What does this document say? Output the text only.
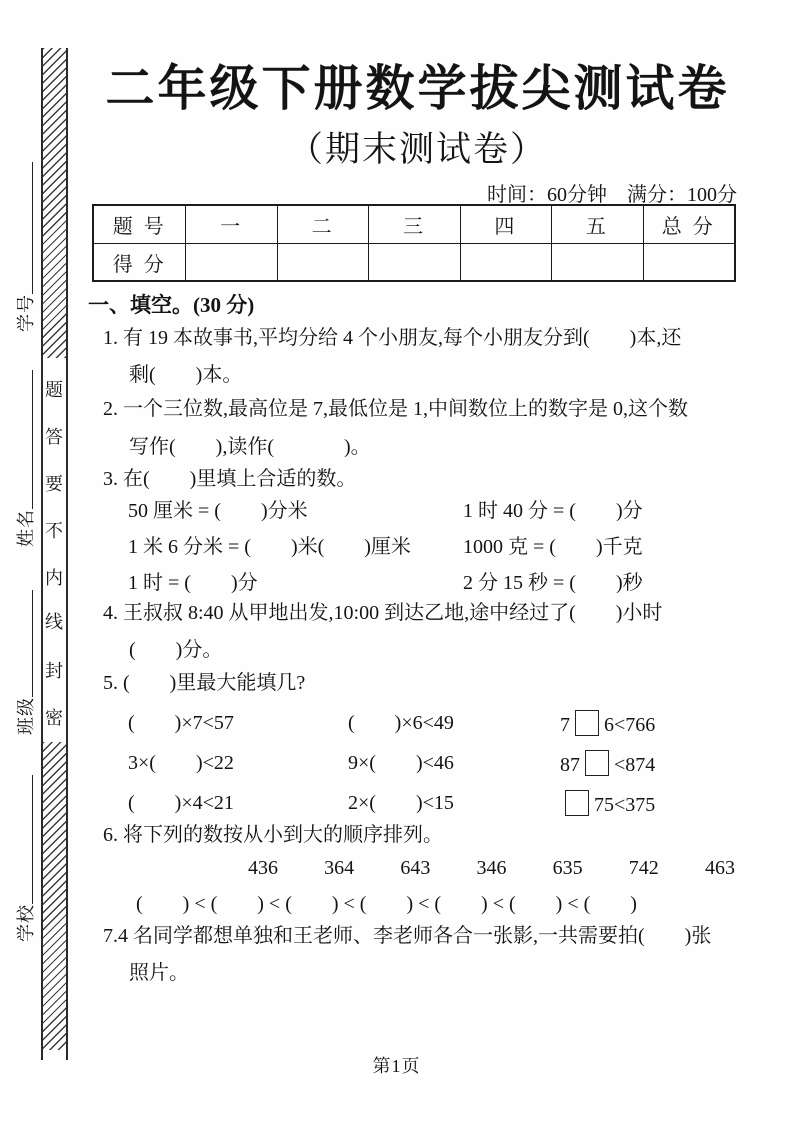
题
答
要
不
内
线
封
密
学号
姓名
班级
学校
二年级下册数学拔尖测试卷
（期末测试卷）
时间：60分钟　满分：100分
题 号	一	二	三	四	五	总 分
得 分
一、填空。(30 分)
1. 有 19 本故事书,平均分给 4 个小朋友,每个小朋友分到(        )本,还
剩(        )本。
2. 一个三位数,最高位是 7,最低位是 1,中间数位上的数字是 0,这个数
写作(        ),读作(              )。
3. 在(        )里填上合适的数。
50 厘米 = (        )分米	1 时 40 分 = (        )分
1 米 6 分米 = (        )米(        )厘米	1000 克 = (        )千克
1 时 = (        )分	2 分 15 秒 = (        )秒
4. 王叔叔 8:40 从甲地出发,10:00 到达乙地,途中经过了(        )小时
(        )分。
5. (        )里最大能填几?
(        )×7<57	(        )×6<49	7 6<766
3×(        )<22	9×(        )<46	87 <874
(        )×4<21	2×(        )<15	75<375
6. 将下列的数按从小到大的顺序排列。
436 364 643 346 635 742 463
(        ) < (        ) < (        ) < (        ) < (        ) < (        ) < (        )
7.4 名同学都想单独和王老师、李老师各合一张影,一共需要拍(        )张
照片。
第1页
